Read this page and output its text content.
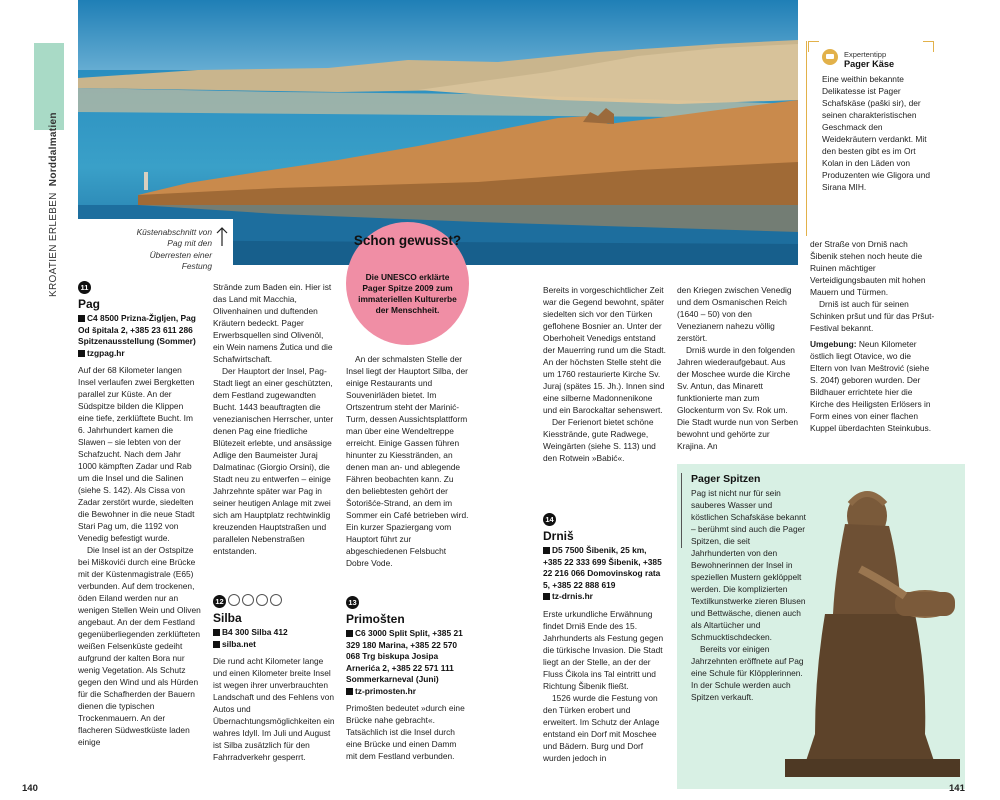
KROATIEN ERLEBEN  Norddalmatien
Küstenabschnitt von Pag mit den Überresten einer Festung
Schon gewusst?
Die UNESCO erklärte Pager Spitze 2009 zum immateriellen Kulturerbe der Menschheit.
Expertentipp
Pager Käse
Eine weithin bekannte Delikatesse ist Pager Schafskäse (paški sir), der seinen charakteristischen Geschmack den Weidekräutern verdankt. Mit den besten gibt es im Ort Kolan in den Läden von Produzenten wie Gligora und Sirana MIH.
11
Pag
C4 8500 Prizna-Žiglјen, Pag Od špitala 2, +385 23 611 286 Spitzenausstellung (Sommer)
tzgpag.hr

Auf der 68 Kilometer langen Insel verlaufen zwei Bergketten parallel zur Küste. An der Südspitze bilden die Klippen eine tiefe, zerklüftete Bucht. Im 6. Jahrhundert kamen die Slawen – sie lebten von der Schafzucht. Nach dem Jahr 1000 kämpften Zadar und Rab um die Insel und die Salinen (siehe S. 142). Als Cissa von Zadar zerstört wurde, siedelten die Bewohner in die neue Stadt Stari Pag um, die 1192 von Venedig befestigt wurde.

Die Insel ist an der Ostspitze bei Miškovići durch eine Brücke mit der Küstenmagistrale (E65) verbunden. Auf dem trockenen, öden Eiland werden nur an wenigen Stellen Wein und Oliven angebaut. An der dem Festland gegenüberliegenden zerklüfteten weißen Felsenküste gedeiht aufgrund der kalten Bora nur wenig Vegetation. Als Schutz gegen den Wind und als Hürden für die Schafherden der Bauern dienen die typischen Trockenmauern. An der flacheren Südwestküste laden einige

Strände zum Baden ein. Hier ist das Land mit Macchia, Olivenhainen und duftenden Kräutern bedeckt. Pager Erwerbsquellen sind Olivenöl, ein Wein namens Žutica und die Schafwirtschaft.

Der Hauptort der Insel, Pag-Stadt liegt an einer geschützten, dem Festland zugewandten Bucht. 1443 beauftragten die venezianischen Herrscher, unter denen Pag eine friedliche Blütezeit erlebte, und ansässige Adlige den Baumeister Juraj Dalmatinac (Giorgio Orsini), die Stadt neu zu entwerfen – einige Jahrzehnte später war Pag in seiner heutigen Anlage mit zwei sich am Hauptplatz rechtwinklig kreuzenden Hauptstraßen und parallelen Nebenstraßen entstanden.

12
Silba
B4 300 Silba 412
silba.net

Die rund acht Kilometer lange und einen Kilometer breite Insel ist wegen ihrer unverbrauchten Landschaft und des Fehlens von Autos und Übernachtungsmöglichkeiten ein wahres Idyll. Im Juli und August ist Silba zusätzlich für den Fahrradverkehr gesperrt.

An der schmalsten Stelle der Insel liegt der Hauptort Silba, der einige Restaurants und Souvenirläden bietet. Im Ortszentrum steht der Marinić-Turm, dessen Aussichtsplattform man über eine Wendeltreppe erreicht. Einige Gassen führen hinunter zu Kiesstränden, an denen man an- und ablegende Fähren beobachten kann. Zu den beliebtesten gehört der Šotorišće-Strand, an dem im Sommer ein Café betrieben wird. Ein kurzer Spaziergang vom Hauptort führt zur abgeschiedenen Felsbucht Dobre Vode.

13
Primošten
C6 3000 Split Split, +385 21 329 180 Marina, +385 22 570 068 Trg biskupa Josipa Arnerića 2, +385 22 571 111 Sommerkarneval (Juni)
tz-primosten.hr

Primošten bedeutet »durch eine Brücke nahe gebracht«. Tatsächlich ist die Insel durch eine Brücke und einen Damm mit dem Festland verbunden.

Bereits in vorgeschichtlicher Zeit war die Gegend bewohnt, später siedelten sich vor den Türken geflohene Bosnier an. Unter der Oberhoheit Venedigs entstand der Mauerring rund um die Stadt. An der höchsten Stelle steht die um 1760 restaurierte Kirche Sv. Juraj (spätes 15. Jh.). Innen sind eine silberne Madonnenikone und ein Barockaltar sehenswert.

Der Ferienort bietet schöne Kiesstrände, gute Radwege, Weingärten (siehe S. 113) und den Rotwein »Babić«.

14
Drniš
D5 7500 Šibenik, 25 km, +385 22 333 699 Šibenik, +385 22 216 066 Domovinskog rata 5, +385 22 888 619
tz-drnis.hr

Erste urkundliche Erwähnung findet Drniš Ende des 15. Jahrhunderts als Festung gegen die türkische Invasion. Die Stadt liegt an der Stelle, an der der Fluss Čikola ins Tal eintritt und Richtung Šibenik fließt.

1526 wurde die Festung von den Türken erobert und erweitert. Im Schutz der Anlage entstand ein Dorf mit Moschee und Bädern. Burg und Dorf wurden jedoch in

den Kriegen zwischen Venedig und dem Osmanischen Reich (1640 – 50) von den Venezianern nahezu völlig zerstört.

Drniš wurde in den folgenden Jahren wiederaufgebaut. Aus der Moschee wurde die Kirche Sv. Antun, das Minarett funktionierte man zum Glockenturm von Sv. Rok um. Die Stadt wurde nun von Serben bewohnt und gehörte zur Krajina. An

der Straße von Drniš nach Šibenik stehen noch heute die Ruinen mächtiger Verteidigungsbauten mit hohen Mauern und Türmen.

Drniš ist auch für seinen Schinken pršut und für das Pršut-Festival bekannt.

Umgebung: Neun Kilometer östlich liegt Otavice, wo die Eltern von Ivan Meštrović (siehe S. 204f) geboren wurden. Der Bildhauer errichtete hier die Kirche des Heiligsten Erlösers in Form eines von einer flachen Kuppel überdachten Steinkubus.

Pager Spitzen

Pag ist nicht nur für sein sauberes Wasser und köstlichen Schafskäse bekannt – berühmt sind auch die Pager Spitzen, die seit Jahrhunderten von den Bewohnerinnen der Insel in speziellen Mustern geklöppelt werden. Die komplizierten Textilkunstwerke zieren Blusen und Bettwäsche, dienen auch als Altartücher und Schmucktischdecken.

Bereits vor einigen Jahrzehnten eröffnete auf Pag eine Schule für Klöpplerinnen. In der Schule werden auch Spitzen verkauft.

140	141
